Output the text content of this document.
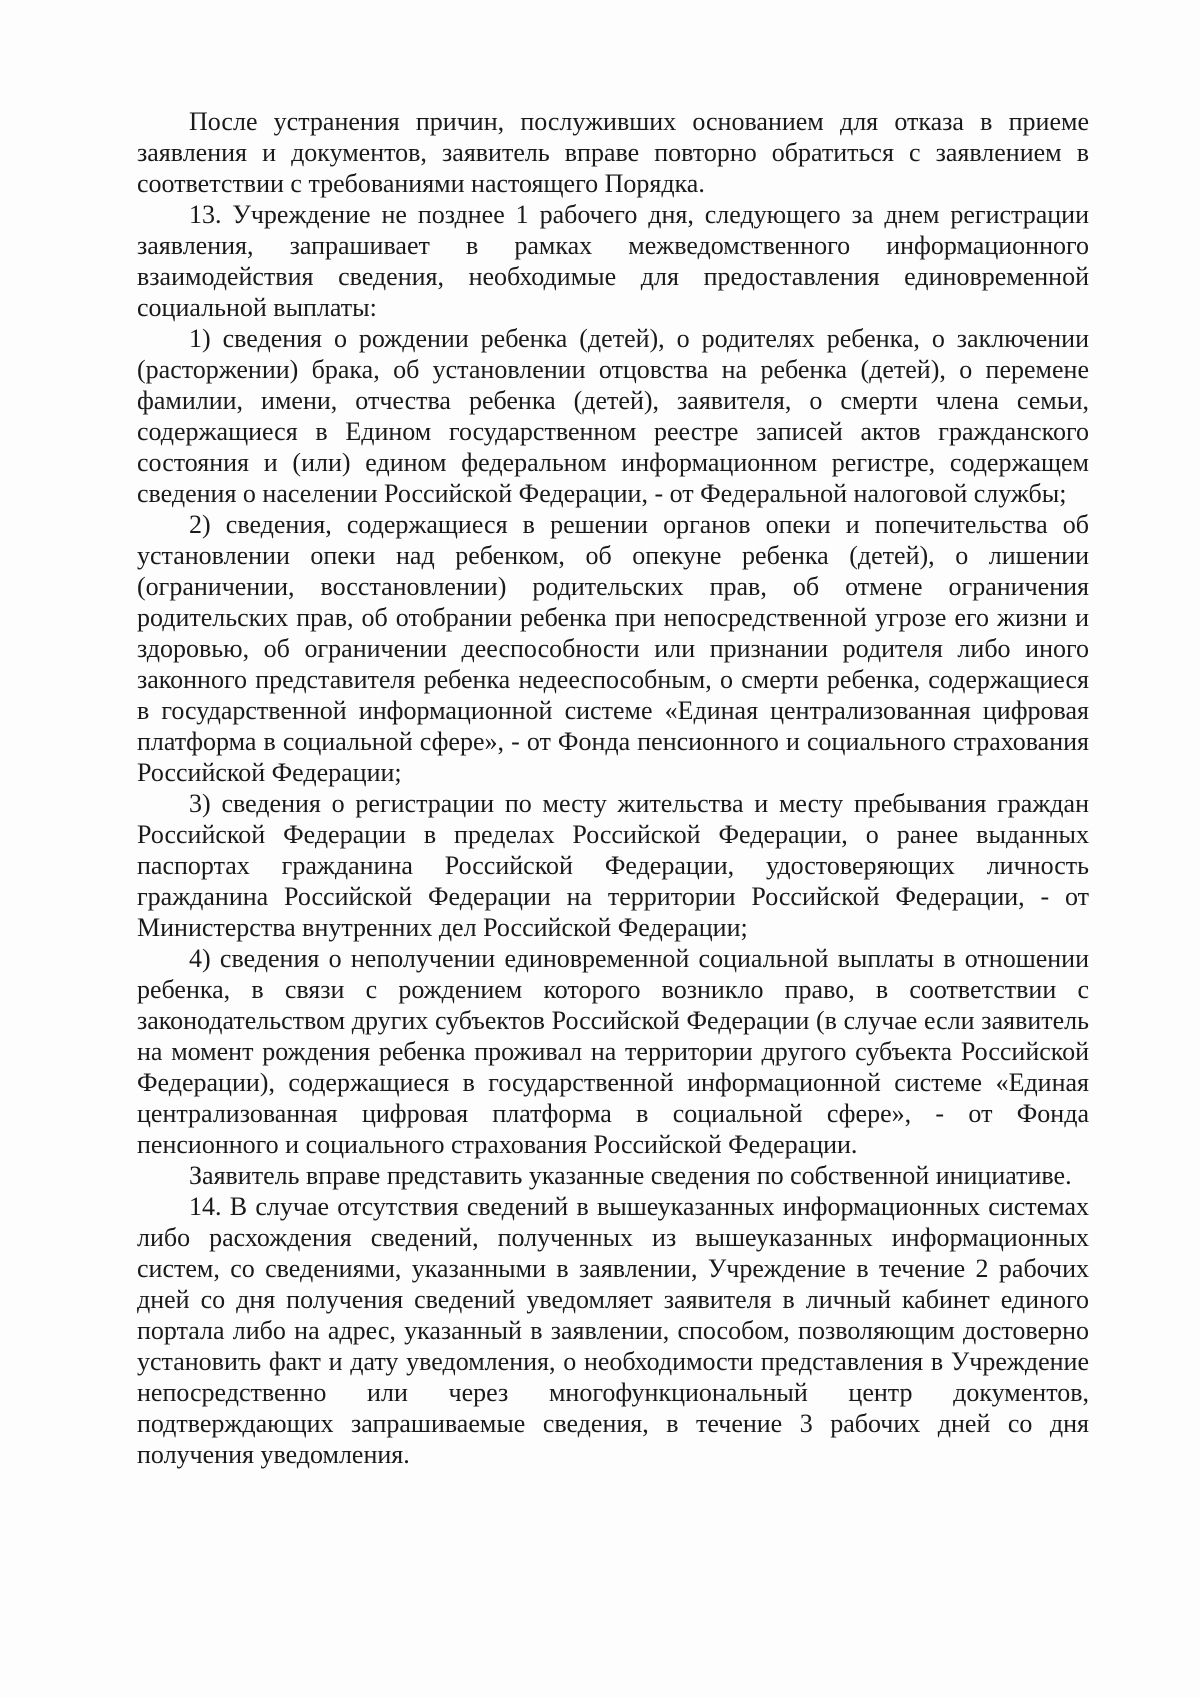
После устранения причин, послуживших основанием для отказа в приеме заявления и документов, заявитель вправе повторно обратиться с заявлением в соответствии с требованиями настоящего Порядка.

13. Учреждение не позднее 1 рабочего дня, следующего за днем регистрации заявления, запрашивает в рамках межведомственного информационного взаимодействия сведения, необходимые для предоставления единовременной социальной выплаты:

1) сведения о рождении ребенка (детей), о родителях ребенка, о заключении (расторжении) брака, об установлении отцовства на ребенка (детей), о перемене фамилии, имени, отчества ребенка (детей), заявителя, о смерти члена семьи, содержащиеся в Едином государственном реестре записей актов гражданского состояния и (или) едином федеральном информационном регистре, содержащем сведения о населении Российской Федерации, - от Федеральной налоговой службы;

2) сведения, содержащиеся в решении органов опеки и попечительства об установлении опеки над ребенком, об опекуне ребенка (детей), о лишении (ограничении, восстановлении) родительских прав, об отмене ограничения родительских прав, об отобрании ребенка при непосредственной угрозе его жизни и здоровью, об ограничении дееспособности или признании родителя либо иного законного представителя ребенка недееспособным, о смерти ребенка, содержащиеся в государственной информационной системе «Единая централизованная цифровая платформа в социальной сфере», - от Фонда пенсионного и социального страхования Российской Федерации;

3) сведения о регистрации по месту жительства и месту пребывания граждан Российской Федерации в пределах Российской Федерации, о ранее выданных паспортах гражданина Российской Федерации, удостоверяющих личность гражданина Российской Федерации на территории Российской Федерации, - от Министерства внутренних дел Российской Федерации;

4) сведения о неполучении единовременной социальной выплаты в отношении ребенка, в связи с рождением которого возникло право, в соответствии с законодательством других субъектов Российской Федерации (в случае если заявитель на момент рождения ребенка проживал на территории другого субъекта Российской Федерации), содержащиеся в государственной информационной системе «Единая централизованная цифровая платформа в социальной сфере», - от Фонда пенсионного и социального страхования Российской Федерации.

Заявитель вправе представить указанные сведения по собственной инициативе.

14. В случае отсутствия сведений в вышеуказанных информационных системах либо расхождения сведений, полученных из вышеуказанных информационных систем, со сведениями, указанными в заявлении, Учреждение в течение 2 рабочих дней со дня получения сведений уведомляет заявителя в личный кабинет единого портала либо на адрес, указанный в заявлении, способом, позволяющим достоверно установить факт и дату уведомления, о необходимости представления в Учреждение непосредственно или через многофункциональный центр документов, подтверждающих запрашиваемые сведения, в течение 3 рабочих дней со дня получения уведомления.
